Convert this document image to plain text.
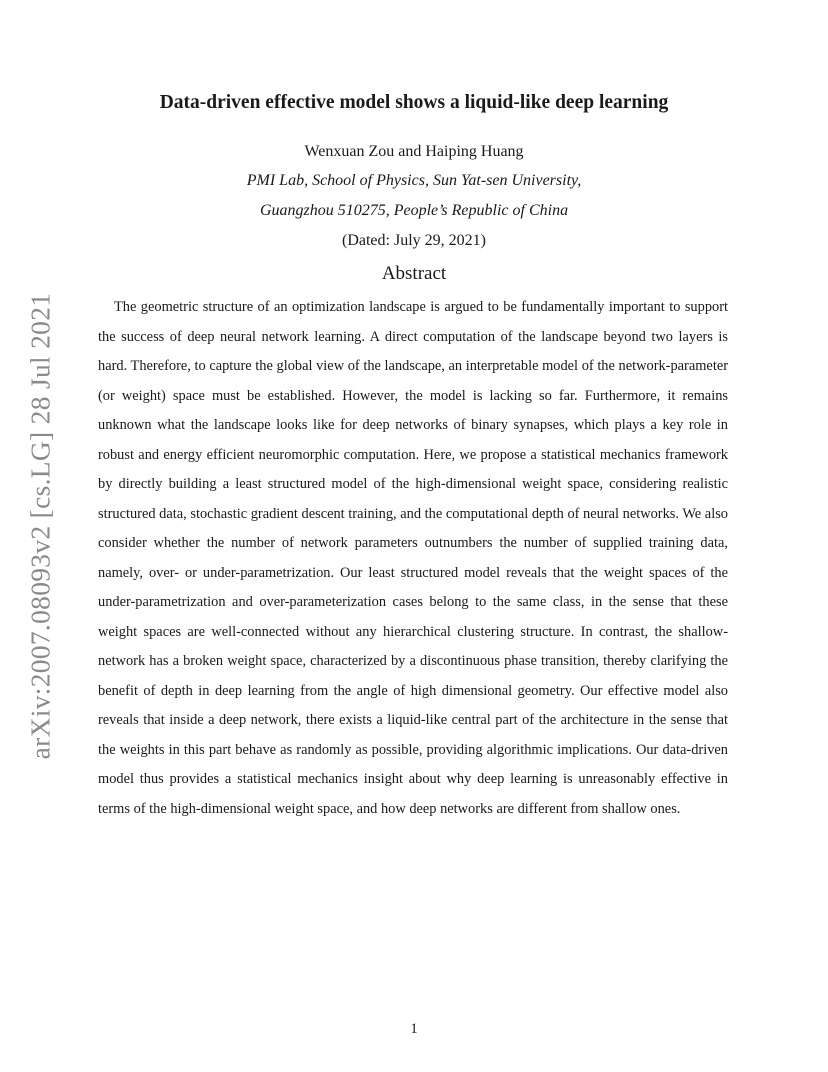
arXiv:2007.08093v2 [cs.LG] 28 Jul 2021
Data-driven effective model shows a liquid-like deep learning
Wenxuan Zou and Haiping Huang
PMI Lab, School of Physics, Sun Yat-sen University,
Guangzhou 510275, People’s Republic of China
(Dated: July 29, 2021)
Abstract

The geometric structure of an optimization landscape is argued to be fundamentally important to support the success of deep neural network learning. A direct computation of the landscape beyond two layers is hard. Therefore, to capture the global view of the landscape, an interpretable model of the network-parameter (or weight) space must be established. However, the model is lacking so far. Furthermore, it remains unknown what the landscape looks like for deep networks of binary synapses, which plays a key role in robust and energy efficient neuromorphic computation. Here, we propose a statistical mechanics framework by directly building a least structured model of the high-dimensional weight space, considering realistic structured data, stochastic gradient descent training, and the computational depth of neural networks. We also consider whether the number of network parameters outnumbers the number of supplied training data, namely, over- or under-parametrization. Our least structured model reveals that the weight spaces of the under-parametrization and over-parameterization cases belong to the same class, in the sense that these weight spaces are well-connected without any hierarchical clustering structure. In contrast, the shallow-network has a broken weight space, characterized by a discontinuous phase transition, thereby clarifying the benefit of depth in deep learning from the angle of high dimensional geometry. Our effective model also reveals that inside a deep network, there exists a liquid-like central part of the architecture in the sense that the weights in this part behave as randomly as possible, providing algorithmic implications. Our data-driven model thus provides a statistical mechanics insight about why deep learning is unreasonably effective in terms of the high-dimensional weight space, and how deep networks are different from shallow ones.

1
